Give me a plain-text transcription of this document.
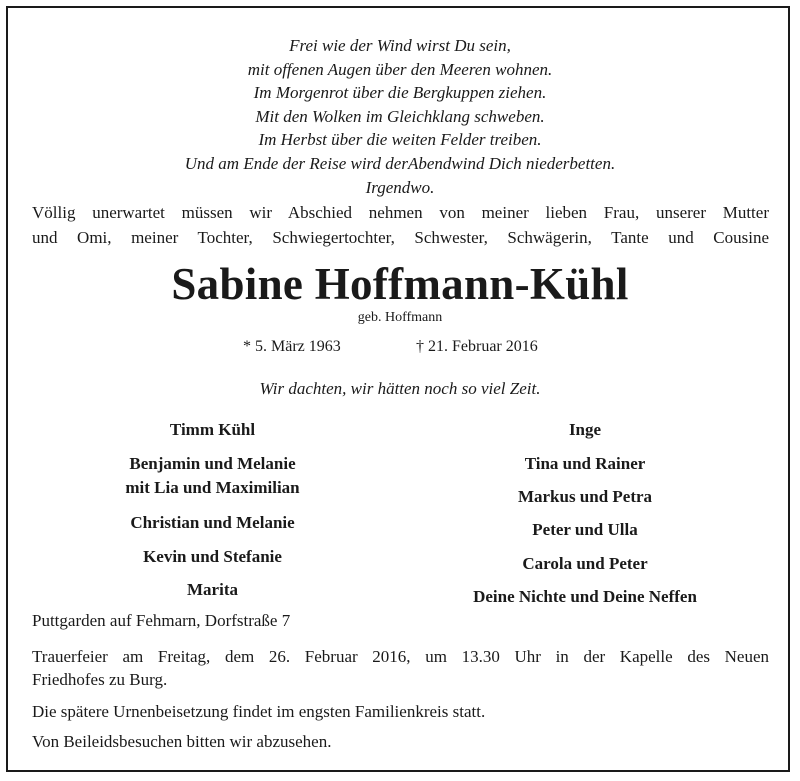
Frei wie der Wind wirst Du sein,
mit offenen Augen über den Meeren wohnen.
Im Morgenrot über die Bergkuppen ziehen.
Mit den Wolken im Gleichklang schweben.
Im Herbst über die weiten Felder treiben.
Und am Ende der Reise wird derAbendwind Dich niederbetten.
Irgendwo.
Völlig unerwartet müssen wir Abschied nehmen von meiner lieben Frau, unserer Mutter
und Omi, meiner Tochter, Schwiegertochter, Schwester, Schwägerin, Tante und Cousine
Sabine Hoffmann-Kühl
geb. Hoffmann
* 5. März 1963	† 21. Februar 2016
Wir dachten, wir hätten noch so viel Zeit.
Timm Kühl
Benjamin und Melanie
mit Lia und Maximilian
Christian und Melanie
Kevin und Stefanie
Marita
Inge
Tina und Rainer
Markus und Petra
Peter und Ulla
Carola und Peter
Deine Nichte und Deine Neffen
Puttgarden auf Fehmarn, Dorfstraße 7
Trauerfeier am Freitag, dem 26. Februar 2016, um 13.30 Uhr in der Kapelle des Neuen
Friedhofes zu Burg.
Die spätere Urnenbeisetzung findet im engsten Familienkreis statt.
Von Beileidsbesuchen bitten wir abzusehen.
